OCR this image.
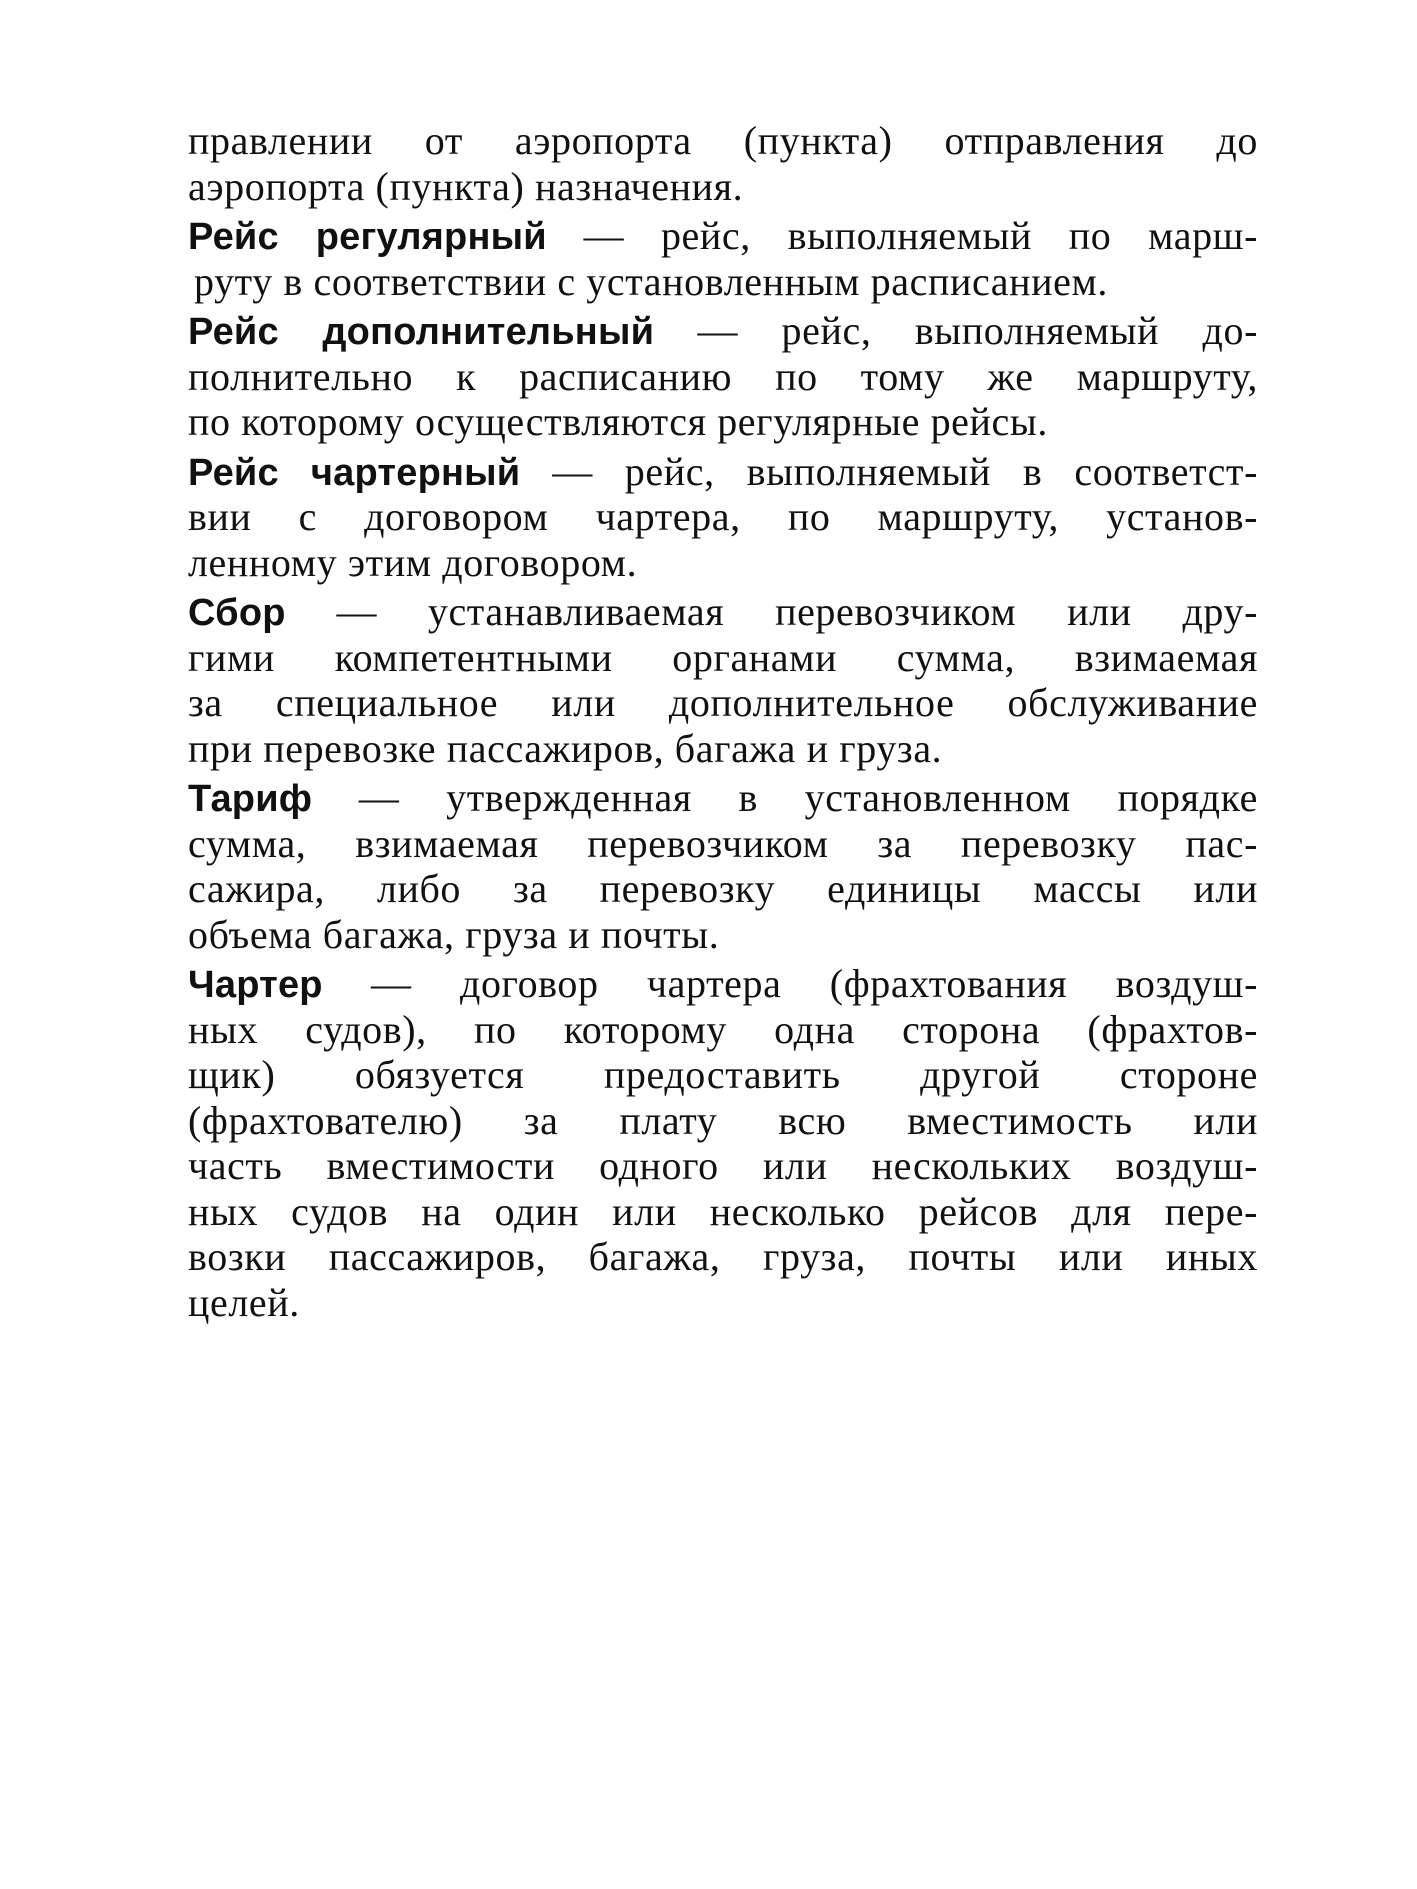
правлении от аэропорта (пункта) отправления до
аэропорта (пункта) назначения.
Рейс регулярный — рейс, выполняемый по марш-
руту в соответствии с установленным расписанием.
Рейс дополнительный — рейс, выполняемый до-
полнительно к расписанию по тому же маршруту,
по которому осуществляются регулярные рейсы.
Рейс чартерный — рейс, выполняемый в соответст-
вии с договором чартера, по маршруту, установ-
ленному этим договором.
Сбор — устанавливаемая перевозчиком или дру-
гими компетентными органами сумма, взимаемая
за специальное или дополнительное обслуживание
при перевозке пассажиров, багажа и груза.
Тариф — утвержденная в установленном порядке
сумма, взимаемая перевозчиком за перевозку пас-
сажира, либо за перевозку единицы массы или
объема багажа, груза и почты.
Чартер — договор чартера (фрахтования воздуш-
ных судов), по которому одна сторона (фрахтов-
щик) обязуется предоставить другой стороне
(фрахтователю) за плату всю вместимость или
часть вместимости одного или нескольких воздуш-
ных судов на один или несколько рейсов для пере-
возки пассажиров, багажа, груза, почты или иных
целей.
